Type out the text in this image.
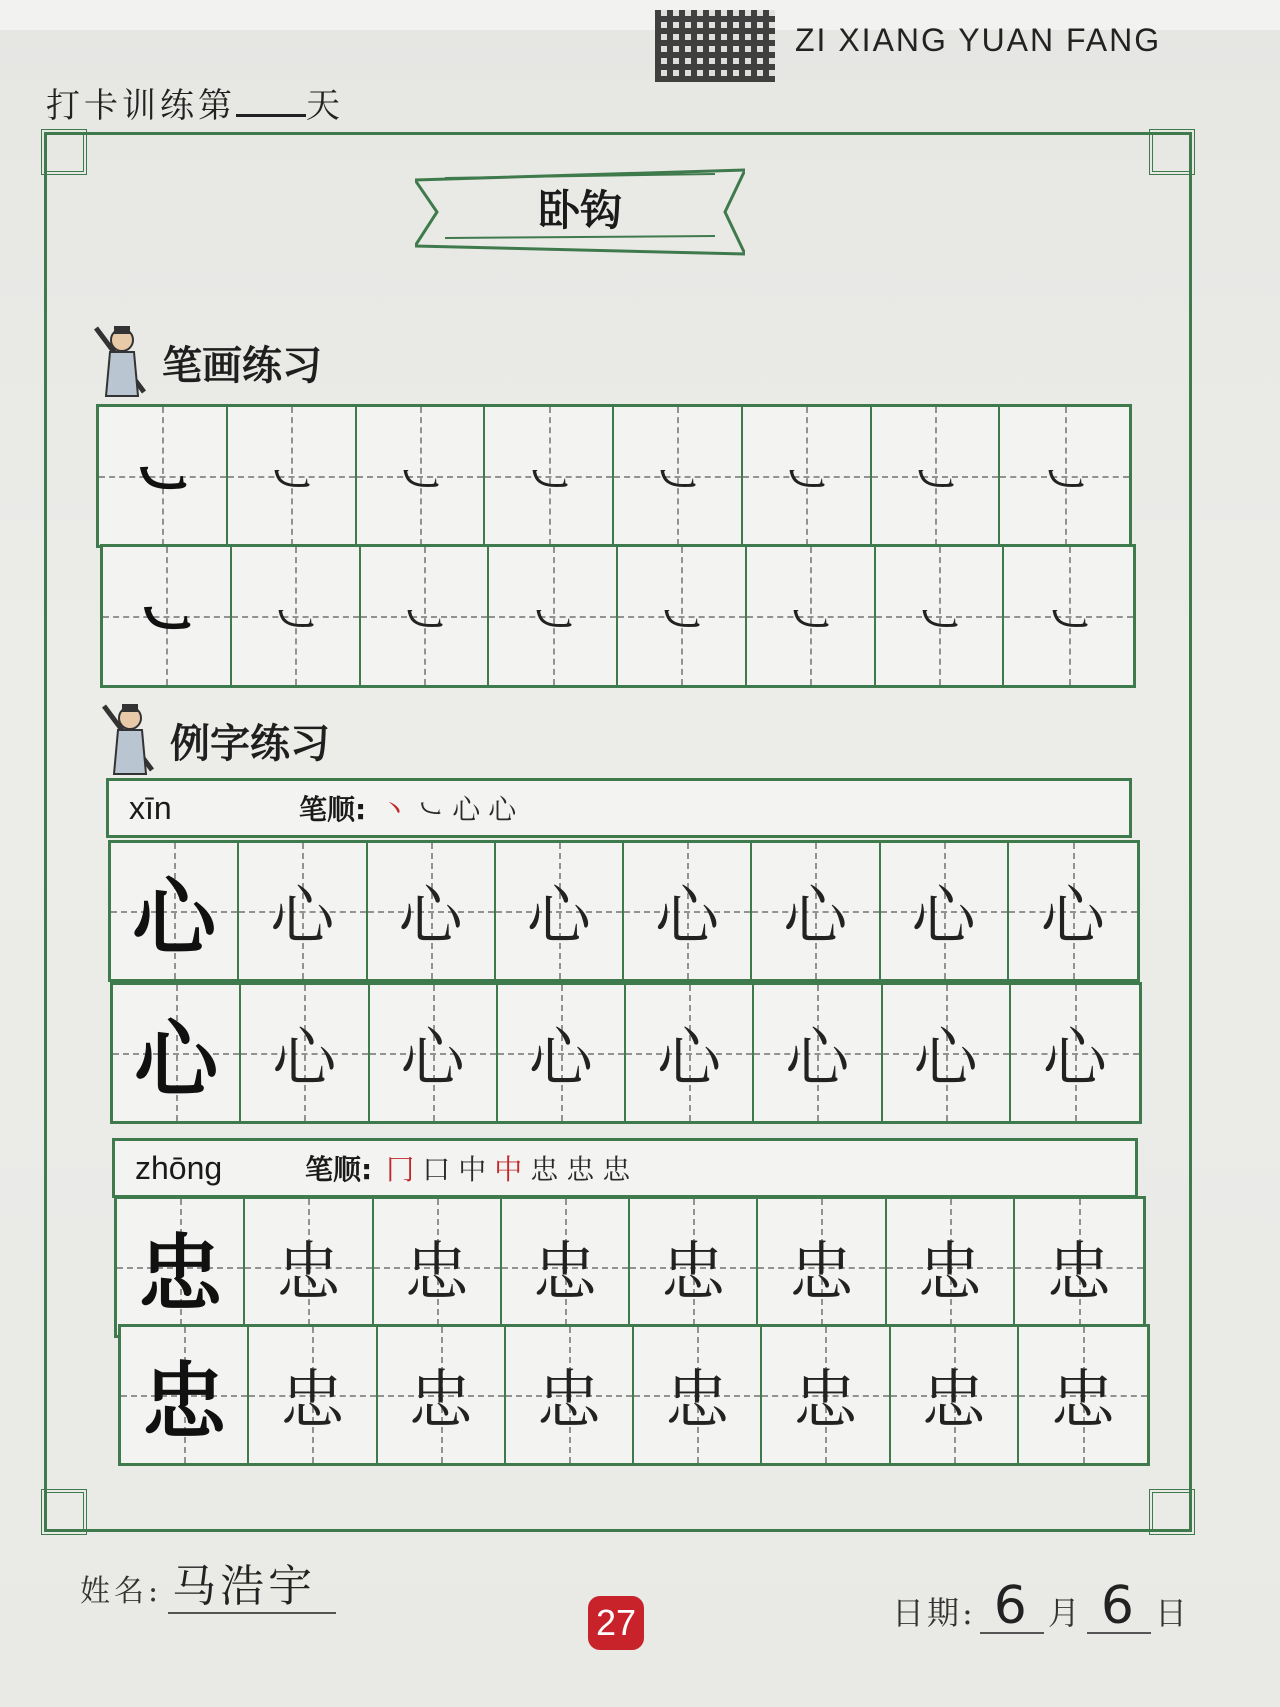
ZI XIANG YUAN FANG
打卡训练第 天
卧钩
笔画练习
㇃ ㇃ ㇃ ㇃ ㇃ ㇃ ㇃ ㇃
㇃ ㇃ ㇃ ㇃ ㇃ ㇃ ㇃ ㇃
例字练习
xīn	笔顺: 丶㇃心心
心 心 心 心 心 心 心 心
心 心 心 心 心 心 心 心
zhōng	笔顺: 冂口中中忠忠忠
忠 忠 忠 忠 忠 忠 忠 忠
忠 忠 忠 忠 忠 忠 忠 忠
姓名: 马浩宇
27	日期: 6 月 6 日
